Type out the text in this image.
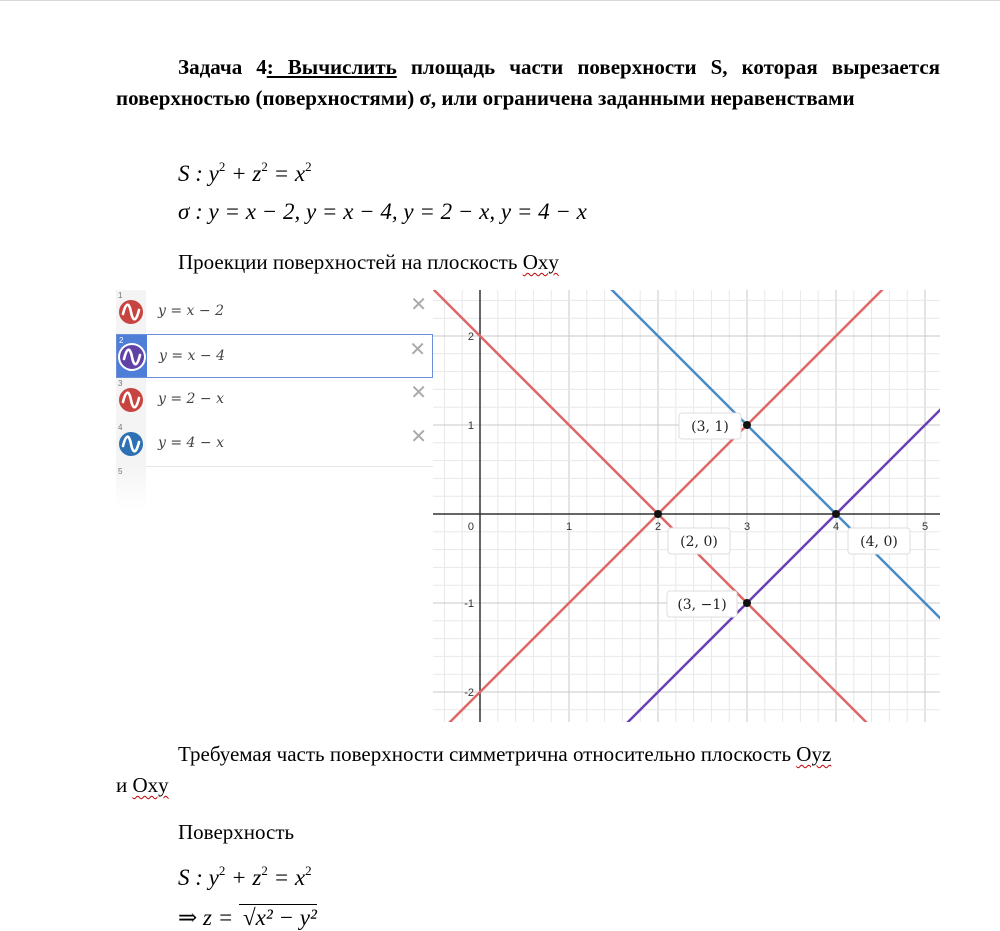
Задача 4: Вычислить площадь части поверхности S, которая вырезается поверхностью (поверхностями) σ, или ограничена заданными неравенствами
S : $y^2 + z^2 = x^2$
σ : y = x − 2, y = x − 4, y = 2 − x, y = 4 − x
Проекции поверхностей на плоскость Oxy
1
y = x − 2	✕
2
y = x − 4	✕
3
y = 2 − x	✕
4
y = 4 − x	✕
5
0	1	2	3	4	5
-2
-1
1
2
(3, 1)
(2, 0)	(4, 0)
(3, −1)
Требуемая часть поверхности симметрична относительно плоскость Oyz
и Oxy
Поверхность
S : $y^2 + z^2 = x^2$
⇒ z = √x² − y²
